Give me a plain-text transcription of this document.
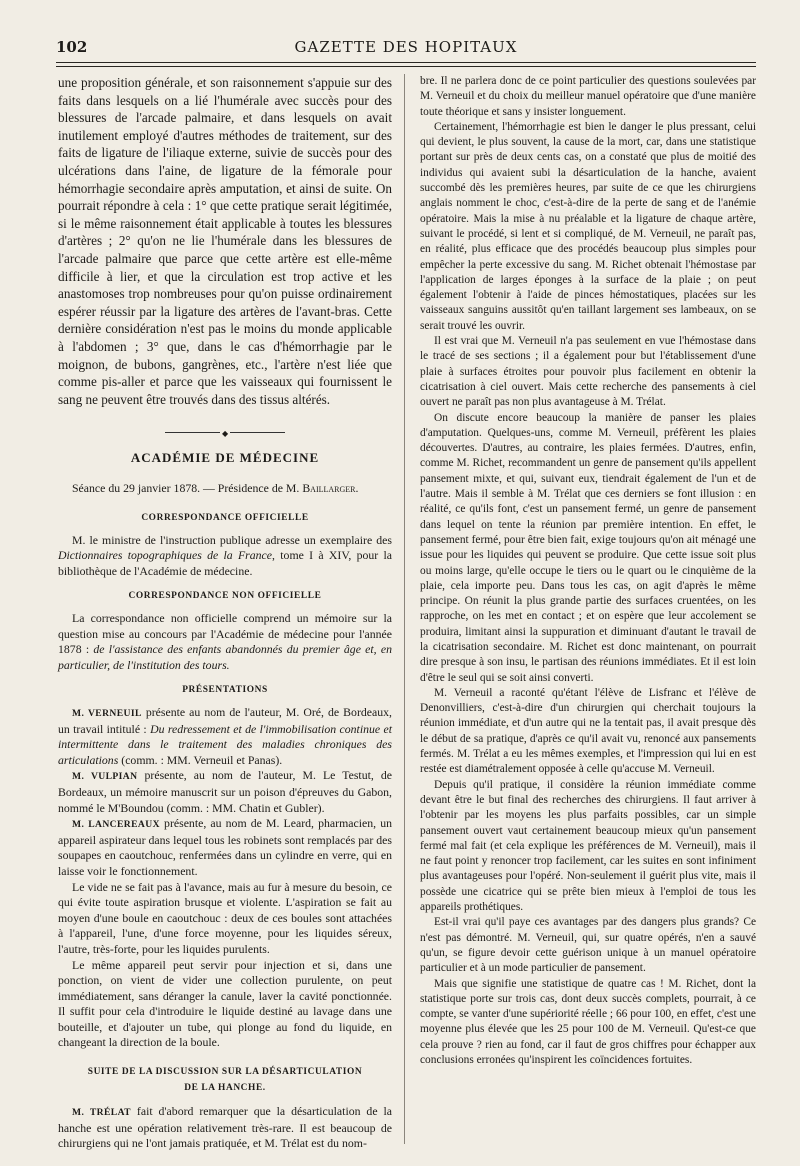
102	GAZETTE DES HOPITAUX

une proposition générale, et son raisonnement s'appuie sur des faits dans lesquels on a lié l'humérale avec succès pour des blessures de l'arcade palmaire, et dans lesquels on avait inutilement employé d'autres méthodes de traitement, sur des faits de ligature de l'iliaque externe, suivie de succès pour des ulcérations dans l'aine, de ligature de la fémorale pour hémorrhagie secondaire après amputation, et ainsi de suite. On pourrait répondre à cela : 1° que cette pratique serait légitimée, si le même raisonnement était applicable à toutes les blessures d'artères ; 2° qu'on ne lie l'humérale dans les blessures de l'arcade palmaire que parce que cette artère est elle-même difficile à lier, et que la circulation est trop active et les anastomoses trop nombreuses pour qu'on puisse ordinairement espérer réussir par la ligature des artères de l'avant-bras. Cette dernière considération n'est pas le moins du monde applicable à l'abdomen ; 3° que, dans le cas d'hémorrhagie par le moignon, de bubons, gangrènes, etc., l'artère n'est liée que comme pis-aller et parce que les vaisseaux qui fournissent le sang ne peuvent être trouvés dans des tissus altérés.

◆
ACADÉMIE DE MÉDECINE

Séance du 29 janvier 1878. — Présidence de M. Baillarger.

CORRESPONDANCE OFFICIELLE

M. le ministre de l'instruction publique adresse un exemplaire des Dictionnaires topographiques de la France, tome I à XIV, pour la bibliothèque de l'Académie de médecine.

CORRESPONDANCE NON OFFICIELLE

La correspondance non officielle comprend un mémoire sur la question mise au concours par l'Académie de médecine pour l'année 1878 : de l'assistance des enfants abandonnés du premier âge et, en particulier, de l'institution des tours.

PRÉSENTATIONS

M. VERNEUIL présente au nom de l'auteur, M. Oré, de Bordeaux, un travail intitulé : Du redressement et de l'immobilisation continue et intermittente dans le traitement des maladies chroniques des articulations (comm. : MM. Verneuil et Panas).

M. VULPIAN présente, au nom de l'auteur, M. Le Testut, de Bordeaux, un mémoire manuscrit sur un poison d'épreuves du Gabon, nommé le M'Boundou (comm. : MM. Chatin et Gubler).

M. LANCEREAUX présente, au nom de M. Leard, pharmacien, un appareil aspirateur dans lequel tous les robinets sont remplacés par des soupapes en caoutchouc, renfermées dans un cylindre en verre, qui en laisse voir le fonctionnement.

Le vide ne se fait pas à l'avance, mais au fur à mesure du besoin, ce qui évite toute aspiration brusque et violente. L'aspiration se fait au moyen d'une boule en caoutchouc : deux de ces boules sont attachées à l'appareil, l'une, d'une force moyenne, pour les liquides séreux, l'autre, très-forte, pour les liquides purulents.

Le même appareil peut servir pour injection et si, dans une ponction, on vient de vider une collection purulente, on peut immédiatement, sans déranger la canule, laver la cavité ponctionnée. Il suffit pour cela d'introduire le liquide destiné au lavage dans une bouteille, et d'ajouter un tube, qui plonge au fond du liquide, en changeant la direction de la boule.

SUITE DE LA DISCUSSION SUR LA DÉSARTICULATION
DE LA HANCHE.

M. TRÉLAT fait d'abord remarquer que la désarticulation de la hanche est une opération relativement très-rare. Il est beaucoup de chirurgiens qui ne l'ont jamais pratiquée, et M. Trélat est du nom-

bre. Il ne parlera donc de ce point particulier des questions soulevées par M. Verneuil et du choix du meilleur manuel opératoire que d'une manière toute théorique et sans y insister longuement.

Certainement, l'hémorrhagie est bien le danger le plus pressant, celui qui devient, le plus souvent, la cause de la mort, car, dans une statistique portant sur près de deux cents cas, on a constaté que plus de moitié des individus qui avaient subi la désarticulation de la hanche, avaient succombé dès les premières heures, par suite de ce que les chirurgiens anglais nomment le choc, c'est-à-dire de la perte de sang et de l'anémie opératoire. Mais la mise à nu préalable et la ligature de chaque artère, suivant le procédé, si lent et si compliqué, de M. Verneuil, ne paraît pas, en réalité, plus efficace que des procédés beaucoup plus simples pour empêcher la perte excessive du sang. M. Richet obtenait l'hémostase par l'application de larges éponges à la surface de la plaie ; on peut également l'obtenir à l'aide de pinces hémostatiques, placées sur les vaisseaux sanguins aussitôt qu'en taillant largement ses lambeaux, on se serait trouvé les ouvrir.

Il est vrai que M. Verneuil n'a pas seulement en vue l'hémostase dans le tracé de ses sections ; il a également pour but l'établissement d'une plaie à surfaces étroites pour pouvoir plus facilement en obtenir la cicatrisation à ciel ouvert. Mais cette recherche des pansements à ciel ouvert ne paraît pas non plus avantageuse à M. Trélat.

On discute encore beaucoup la manière de panser les plaies d'amputation. Quelques-uns, comme M. Verneuil, préfèrent les plaies découvertes. D'autres, au contraire, les plaies fermées. D'autres, enfin, comme M. Richet, recommandent un genre de pansement qu'ils appellent pansement mixte, et qui, suivant eux, tiendrait également de l'un et de l'autre. Mais il semble à M. Trélat que ces derniers se font illusion : en réalité, ce qu'ils font, c'est un pansement fermé, un genre de pansement dans lequel on tente la réunion par première intention. En effet, le pansement fermé, pour être bien fait, exige toujours qu'on ait ménagé une issue pour les liquides qui peuvent se produire. Que cette issue soit plus ou moins large, qu'elle occupe le tiers ou le quart ou le cinquième de la plaie, cela importe peu. Dans tous les cas, on agit d'après le même principe. On réunit la plus grande partie des surfaces cruentées, on les rapproche, on les met en contact ; et on espère que leur accolement se produira, limitant ainsi la suppuration et diminuant d'autant le travail de la cicatrisation secondaire. M. Richet est donc maintenant, on pourrait dire presque à son insu, le partisan des réunions immédiates. Et il est loin d'être le seul qui se soit ainsi converti.

M. Verneuil a raconté qu'étant l'élève de Lisfranc et l'élève de Denonvilliers, c'est-à-dire d'un chirurgien qui cherchait toujours la réunion immédiate, et d'un autre qui ne la tentait pas, il avait presque dès le début de sa pratique, d'après ce qu'il avait vu, renoncé aux pansements fermés. M. Trélat a eu les mêmes exemples, et l'impression qui lui en est restée est diamétralement opposée à celle qu'accuse M. Verneuil.

Depuis qu'il pratique, il considère la réunion immédiate comme devant être le but final des recherches des chirurgiens. Il faut arriver à l'obtenir par les moyens les plus parfaits possibles, car un simple pansement ouvert vaut certainement beaucoup mieux qu'un pansement fermé mal fait (et cela explique les préférences de M. Verneuil), mais il ne faut point y renoncer trop facilement, car les suites en sont infiniment plus avantageuses pour l'opéré. Non-seulement il guérit plus vite, mais il possède une cicatrice qui se prête bien mieux à l'emploi de tous les appareils prothétiques.

Est-il vrai qu'il paye ces avantages par des dangers plus grands? Ce n'est pas démontré. M. Verneuil, qui, sur quatre opérés, n'en a sauvé qu'un, se figure devoir cette guérison unique à un manuel opératoire particulier et à un mode particulier de pansement.

Mais que signifie une statistique de quatre cas ! M. Richet, dont la statistique porte sur trois cas, dont deux succès complets, pourrait, à ce compte, se vanter d'une supériorité réelle ; 66 pour 100, en effet, c'est une moyenne plus élevée que les 25 pour 100 de M. Verneuil. Qu'est-ce que cela prouve ? rien au fond, car il faut de gros chiffres pour échapper aux conclusions erronées qu'inspirent les coïncidences fortuites.
